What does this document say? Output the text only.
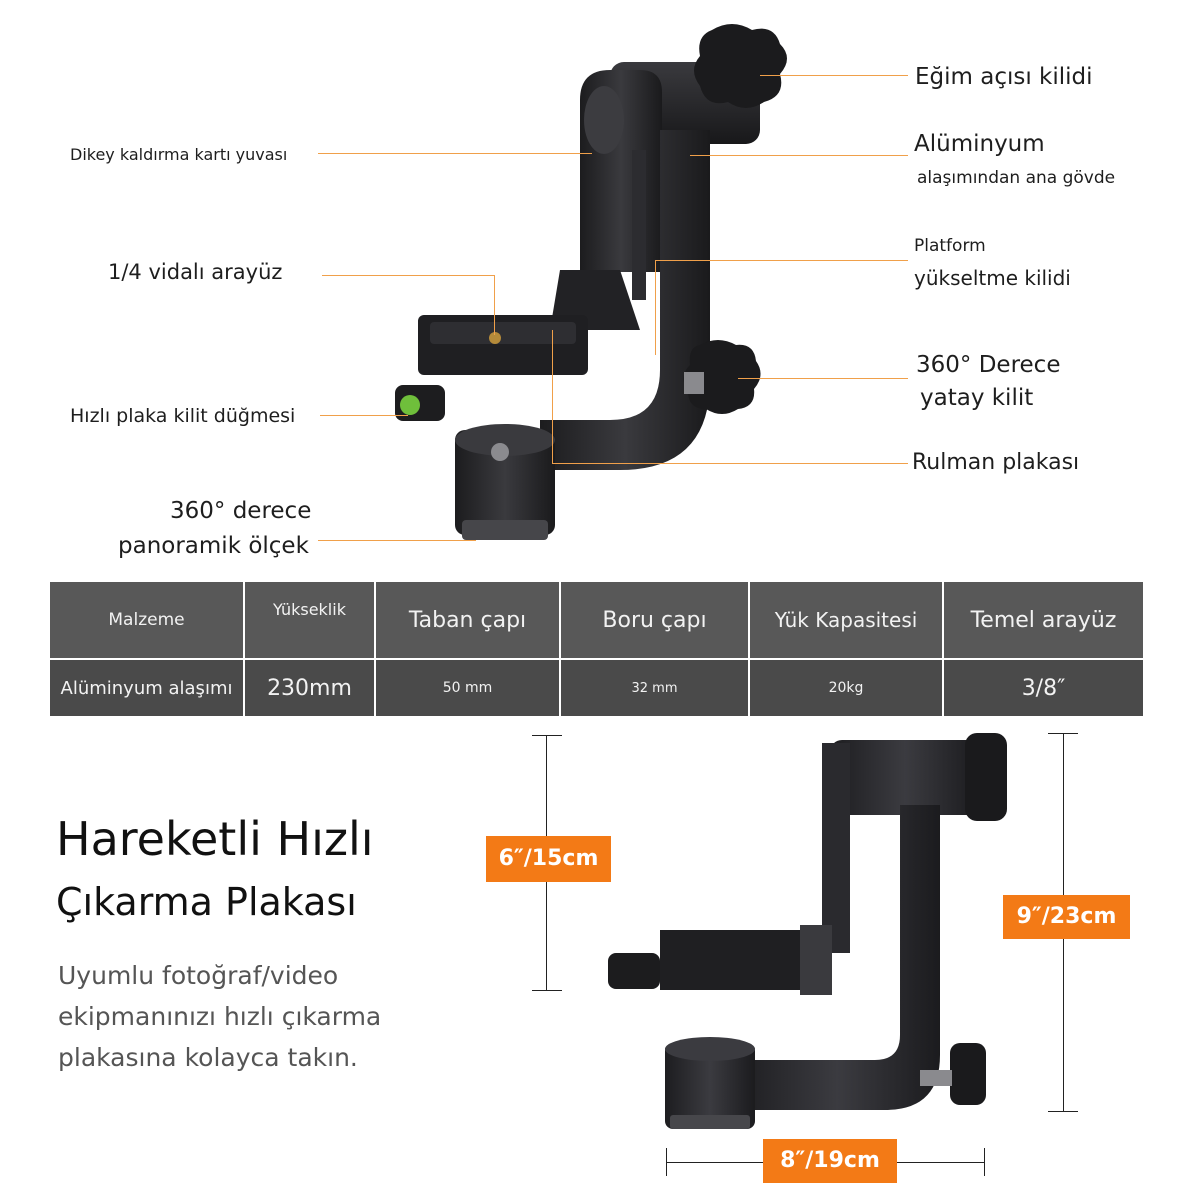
Eğim açısı kilidi
Alüminyum
alaşımından ana gövde
Dikey kaldırma kartı yuvası
Platform
yükseltme kilidi
1/4 vidalı arayüz
360° Derece
yatay kilit
Hızlı plaka kilit düğmesi
Rulman plakası
360° derece
panoramik ölçek
Malzeme	Yükseklik	Taban çapı	Boru çapı	Yük Kapasitesi	Temel arayüz
Alüminyum alaşımı	230mm	50 mm	32 mm	20kg	3/8″
Hareketli Hızlı
Çıkarma Plakası
Uyumlu fotoğraf/video ekipmanınızı hızlı çıkarma plakasına kolayca takın.
6″/15cm
9″/23cm
8″/19cm
